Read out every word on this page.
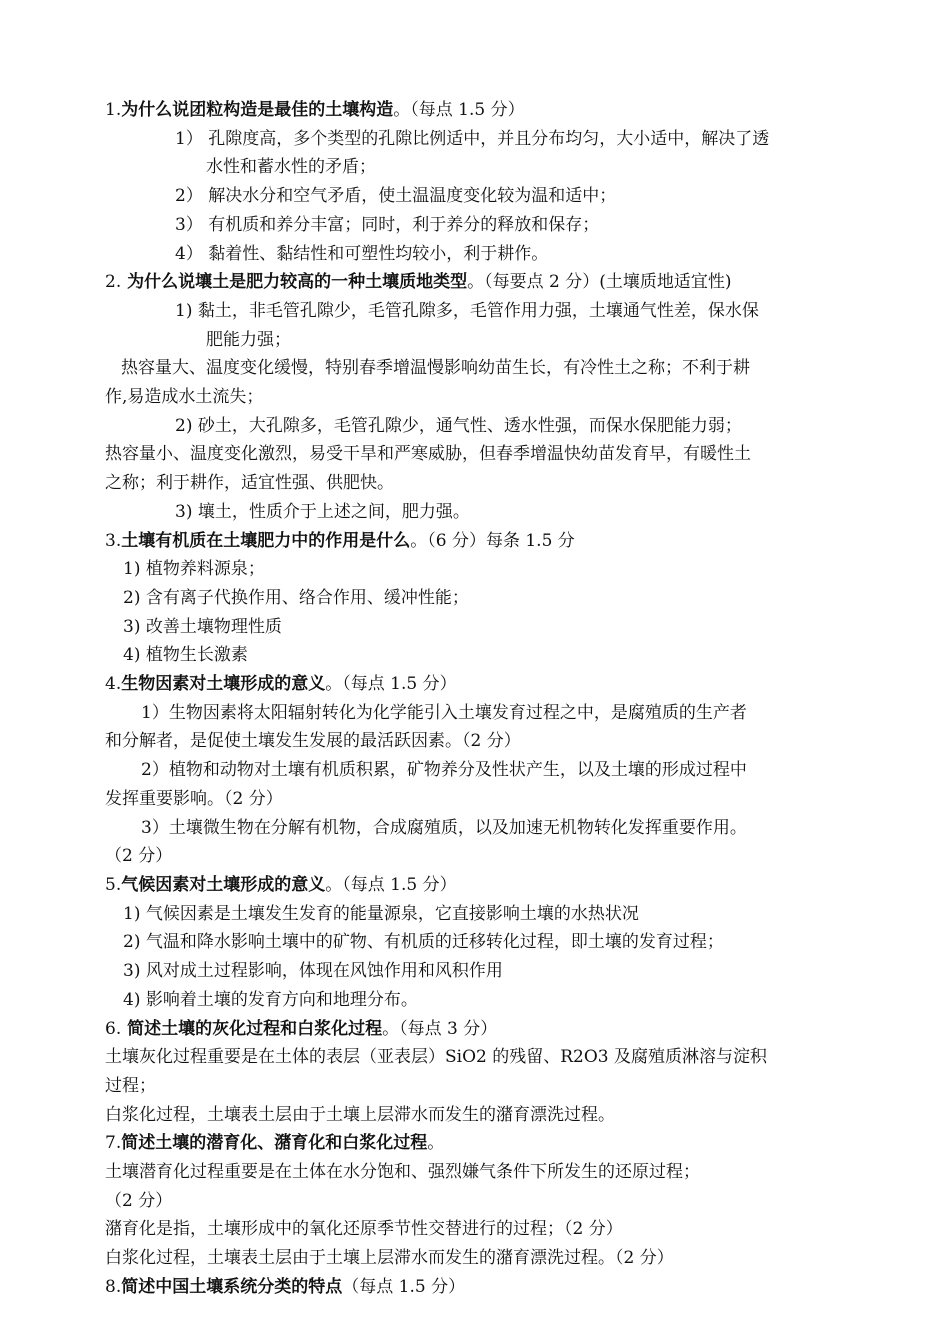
1.为什么说团粒构造是最佳的土壤构造。（每点 1.5 分）
1） 孔隙度高，多个类型的孔隙比例适中，并且分布均匀，大小适中，解决了透
水性和蓄水性的矛盾；
2） 解决水分和空气矛盾，使土温温度变化较为温和适中；
3） 有机质和养分丰富；同时，利于养分的释放和保存；
4） 黏着性、黏结性和可塑性均较小，利于耕作。
2. 为什么说壤土是肥力较高的一种土壤质地类型。（每要点 2 分）(土壤质地适宜性)
1) 黏土，非毛管孔隙少，毛管孔隙多，毛管作用力强，土壤通气性差，保水保
肥能力强；
热容量大、温度变化缓慢，特别春季增温慢影响幼苗生长，有冷性土之称；不利于耕
作,易造成水土流失；
2) 砂土，大孔隙多，毛管孔隙少，通气性、透水性强，而保水保肥能力弱；
热容量小、温度变化激烈，易受干旱和严寒威胁，但春季增温快幼苗发育早，有暖性土
之称；利于耕作，适宜性强、供肥快。
3) 壤土，性质介于上述之间，肥力强。
3.土壤有机质在土壤肥力中的作用是什么。（6 分）每条 1.5 分
1) 植物养料源泉；
2) 含有离子代换作用、络合作用、缓冲性能；
3) 改善土壤物理性质
4) 植物生长激素
4.生物因素对土壤形成的意义。（每点 1.5 分）
1）生物因素将太阳辐射转化为化学能引入土壤发育过程之中，是腐殖质的生产者
和分解者，是促使土壤发生发展的最活跃因素。（2 分）
2）植物和动物对土壤有机质积累，矿物养分及性状产生，以及土壤的形成过程中
发挥重要影响。（2 分）
3）土壤微生物在分解有机物，合成腐殖质，以及加速无机物转化发挥重要作用。
（2 分）
5.气候因素对土壤形成的意义。（每点 1.5 分）
1) 气候因素是土壤发生发育的能量源泉，它直接影响土壤的水热状况
2) 气温和降水影响土壤中的矿物、有机质的迁移转化过程，即土壤的发育过程；
3) 风对成土过程影响，体现在风蚀作用和风积作用
4) 影响着土壤的发育方向和地理分布。
6. 简述土壤的灰化过程和白浆化过程。（每点 3 分）
土壤灰化过程重要是在土体的表层（亚表层）SiO2 的残留、R2O3 及腐殖质淋溶与淀积
过程；
白浆化过程，土壤表土层由于土壤上层滞水而发生的潴育漂洗过程。
7.简述土壤的潜育化、潴育化和白浆化过程。
土壤潜育化过程重要是在土体在水分饱和、强烈嫌气条件下所发生的还原过程；
（2 分）
潴育化是指，土壤形成中的氧化还原季节性交替进行的过程；（2 分）
白浆化过程，土壤表土层由于土壤上层滞水而发生的潴育漂洗过程。（2 分）
8.简述中国土壤系统分类的特点（每点 1.5 分）
